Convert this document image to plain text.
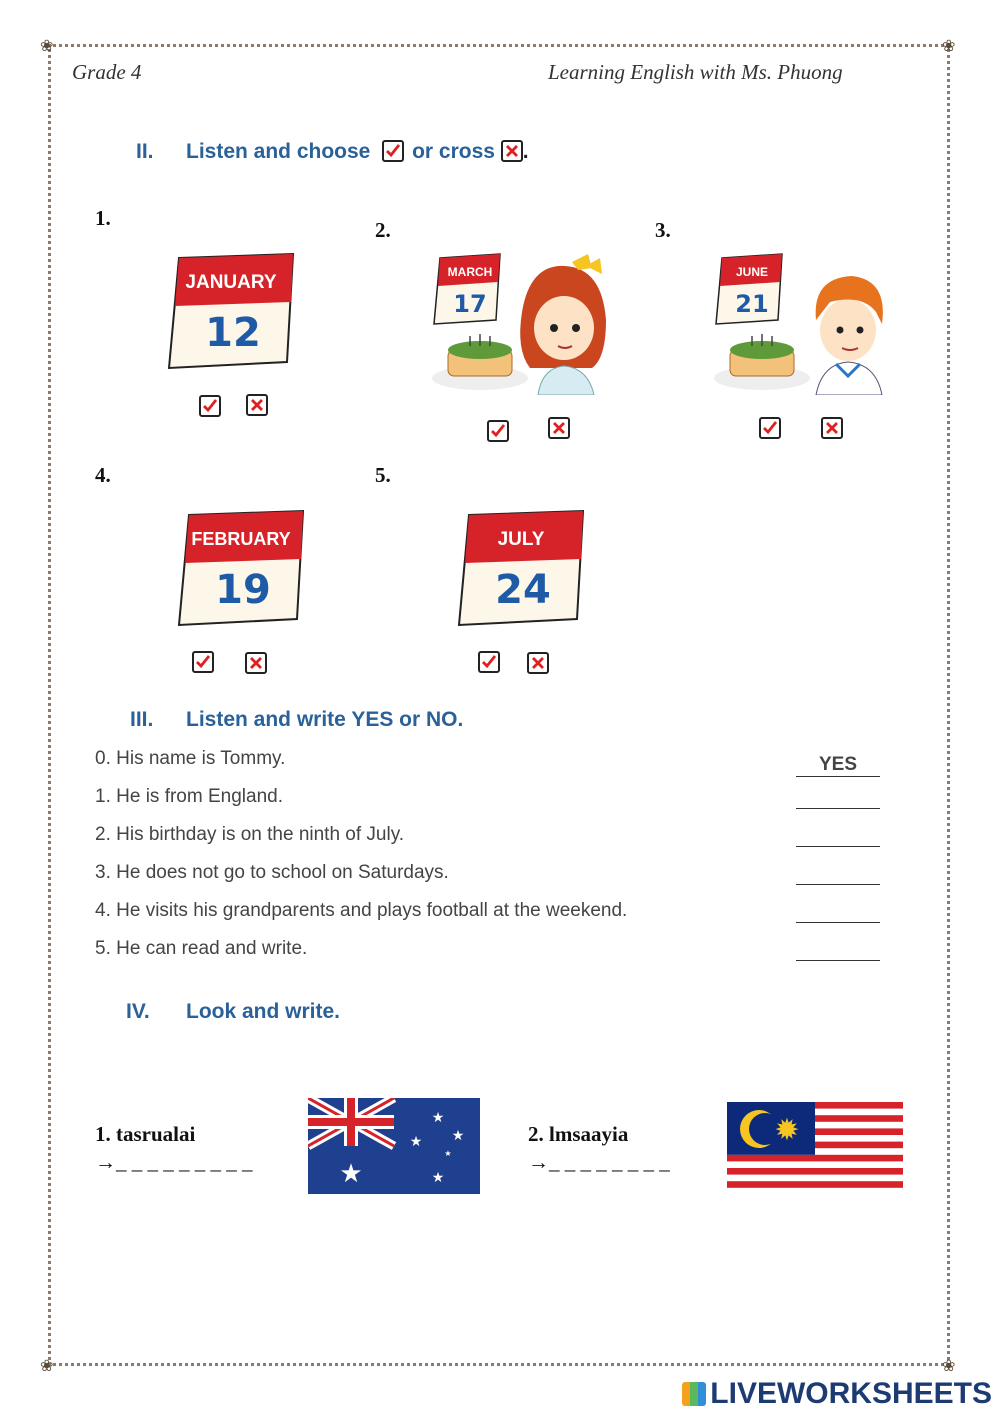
❀	❀
❀	❀
Grade 4	Learning English with Ms. Phuong
II. Listen and choose or cross .
1.	2.	3.
4.	5.
JANUARY
12
MARCH
17
JUNE
21
FEBRUARY
19
JULY
24
III. Listen and write YES or NO.
0. His name is Tommy.
1. He is from England.
2. His birthday is on the ninth of July.
3. He does not go to school on Saturdays.
4. He visits his grandparents and plays football at the weekend.
5. He can read and write.
YES
IV. Look and write.
1. tasrualai
→_ _ _ _ _ _ _ _ _
2. lmsaayia
→_ _ _ _ _ _ _ _
★
★
★ ★
★
★
✹
LIVEWORKSHEETS
